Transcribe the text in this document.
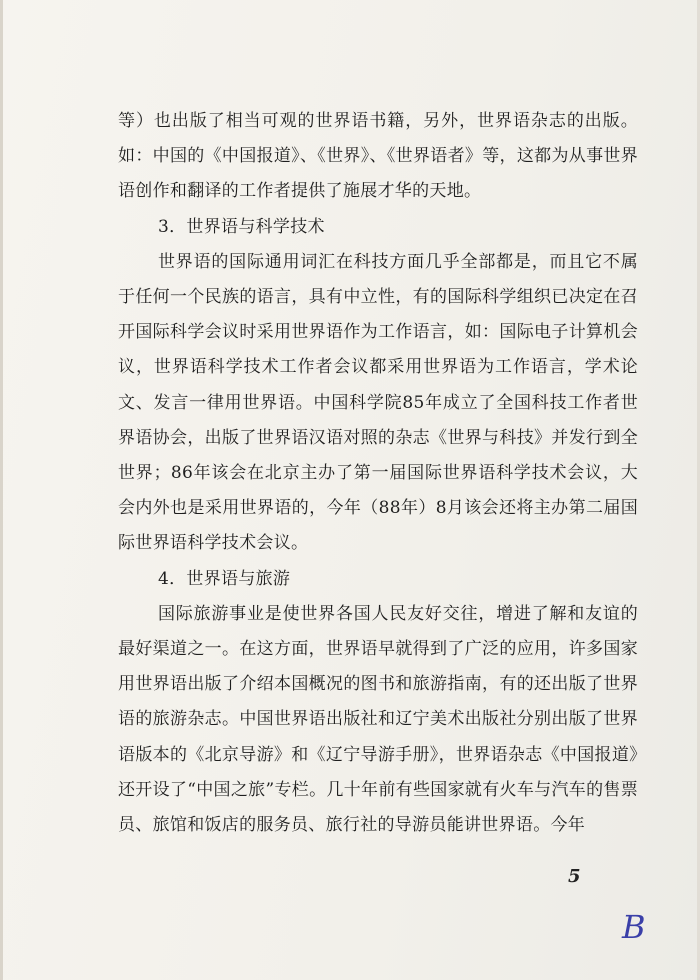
等）也出版了相当可观的世界语书籍，另外，世界语杂志的出版。如：中国的《中国报道》、《世界》、《世界语者》等，这都为从事世界语创作和翻译的工作者提供了施展才华的天地。

3．世界语与科学技术

世界语的国际通用词汇在科技方面几乎全部都是，而且它不属于任何一个民族的语言，具有中立性，有的国际科学组织已决定在召开国际科学会议时采用世界语作为工作语言，如：国际电子计算机会议，世界语科学技术工作者会议都采用世界语为工作语言，学术论文、发言一律用世界语。中国科学院85年成立了全国科技工作者世界语协会，出版了世界语汉语对照的杂志《世界与科技》并发行到全世界；86年该会在北京主办了第一届国际世界语科学技术会议，大会内外也是采用世界语的，今年（88年）8月该会还将主办第二届国际世界语科学技术会议。

4．世界语与旅游

国际旅游事业是使世界各国人民友好交往，增进了解和友谊的最好渠道之一。在这方面，世界语早就得到了广泛的应用，许多国家用世界语出版了介绍本国概况的图书和旅游指南，有的还出版了世界语的旅游杂志。中国世界语出版社和辽宁美术出版社分别出版了世界语版本的《北京导游》和《辽宁导游手册》，世界语杂志《中国报道》还开设了“中国之旅”专栏。几十年前有些国家就有火车与汽车的售票员、旅馆和饭店的服务员、旅行社的导游员能讲世界语。今年

5
B
